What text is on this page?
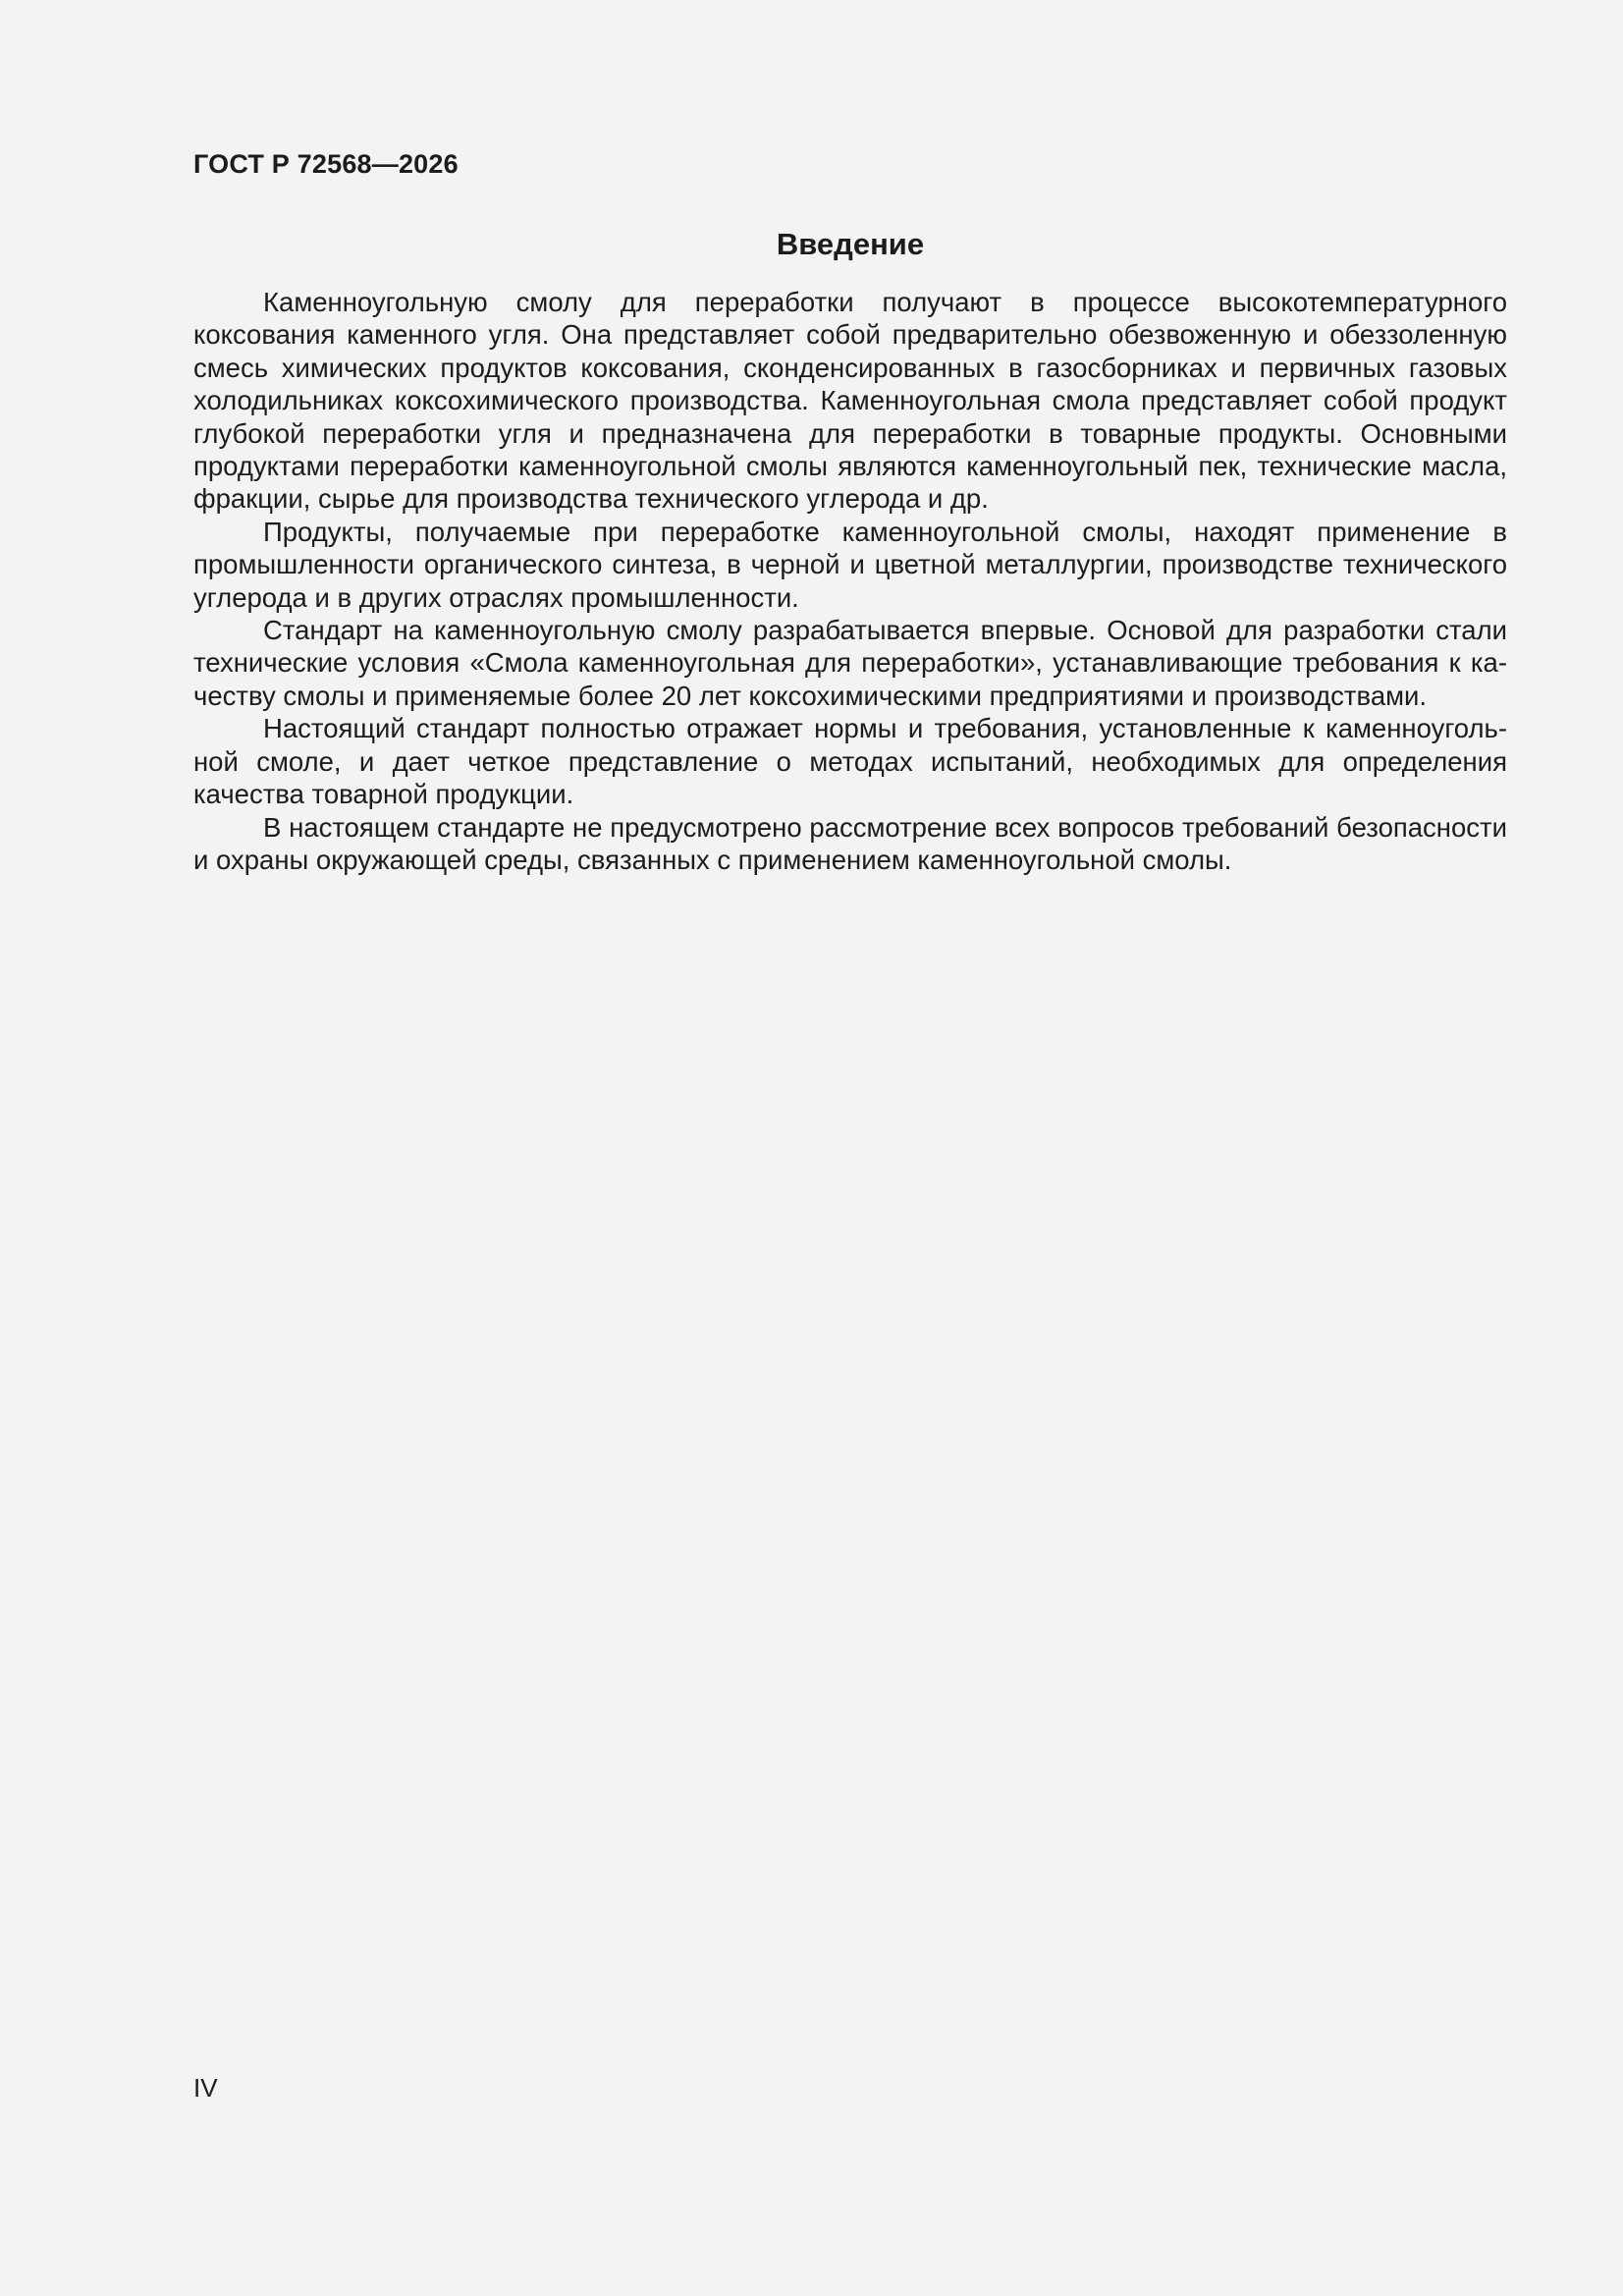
ГОСТ Р 72568—2026

Введение

Каменноугольную смолу для переработки получают в процессе высокотемпературного коксования каменного угля. Она представляет собой предварительно обезвоженную и обеззоленную смесь химических продуктов коксования, сконденсированных в газосборниках и первичных газовых холодильниках коксохимического производства. Каменноугольная смола представляет собой продукт глубокой переработки угля и предназначена для переработки в товарные продукты. Основными продуктами переработки каменноугольной смолы являются каменноугольный пек, технические масла, фракции, сырье для производства технического углерода и др.

Продукты, получаемые при переработке каменноугольной смолы, находят применение в промышленности органического синтеза, в черной и цветной металлургии, производстве технического углерода и в других отраслях промышленности.

Стандарт на каменноугольную смолу разрабатывается впервые. Основой для разработки стали технические условия «Смола каменноугольная для переработки», устанавливающие требования к качеству смолы и применяемые более 20 лет коксохимическими предприятиями и производствами.

Настоящий стандарт полностью отражает нормы и требования, установленные к каменноугольной смоле, и дает четкое представление о методах испытаний, необходимых для определения качества товарной продукции.

В настоящем стандарте не предусмотрено рассмотрение всех вопросов требований безопасности и охраны окружающей среды, связанных с применением каменноугольной смолы.

IV
